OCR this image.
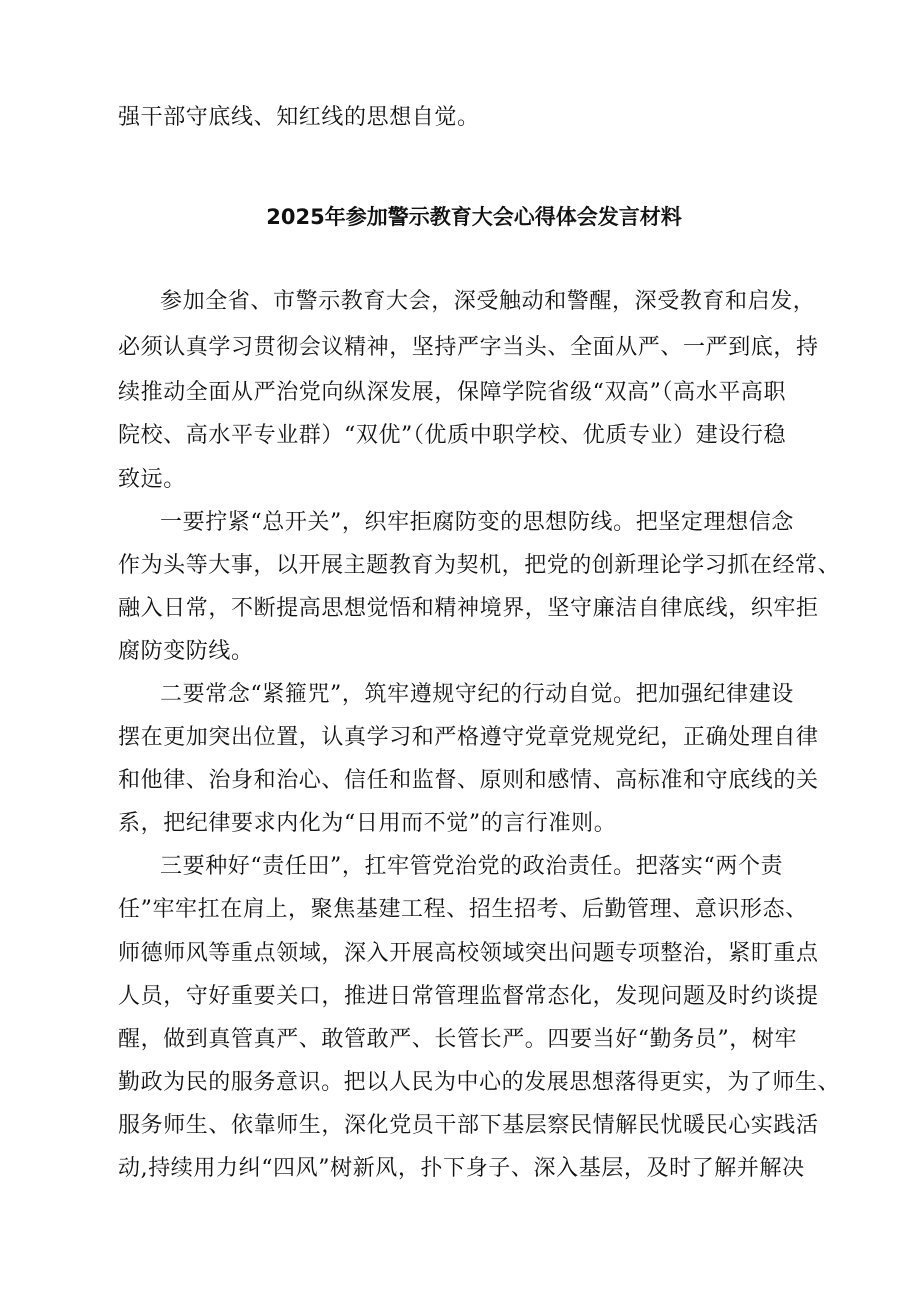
强干部守底线、知红线的思想自觉。
2025年参加警示教育大会心得体会发言材料
参加全省、市警示教育大会，深受触动和警醒，深受教育和启发，
必须认真学习贯彻会议精神，坚持严字当头、全面从严、一严到底，持
续推动全面从严治党向纵深发展，保障学院省级“双高”（高水平高职
院校、高水平专业群）“双优”（优质中职学校、优质专业）建设行稳
致远。
一要拧紧“总开关”，织牢拒腐防变的思想防线。把坚定理想信念
作为头等大事，以开展主题教育为契机，把党的创新理论学习抓在经常、
融入日常，不断提高思想觉悟和精神境界，坚守廉洁自律底线，织牢拒
腐防变防线。
二要常念“紧箍咒”，筑牢遵规守纪的行动自觉。把加强纪律建设
摆在更加突出位置，认真学习和严格遵守党章党规党纪，正确处理自律
和他律、治身和治心、信任和监督、原则和感情、高标准和守底线的关
系，把纪律要求内化为“日用而不觉”的言行准则。
三要种好“责任田”，扛牢管党治党的政治责任。把落实“两个责
任”牢牢扛在肩上，聚焦基建工程、招生招考、后勤管理、意识形态、
师德师风等重点领域，深入开展高校领域突出问题专项整治，紧盯重点
人员，守好重要关口，推进日常管理监督常态化，发现问题及时约谈提
醒，做到真管真严、敢管敢严、长管长严。四要当好“勤务员”，树牢
勤政为民的服务意识。把以人民为中心的发展思想落得更实，为了师生、
服务师生、依靠师生，深化党员干部下基层察民情解民忧暖民心实践活
动,持续用力纠“四风”树新风，扑下身子、深入基层，及时了解并解决
